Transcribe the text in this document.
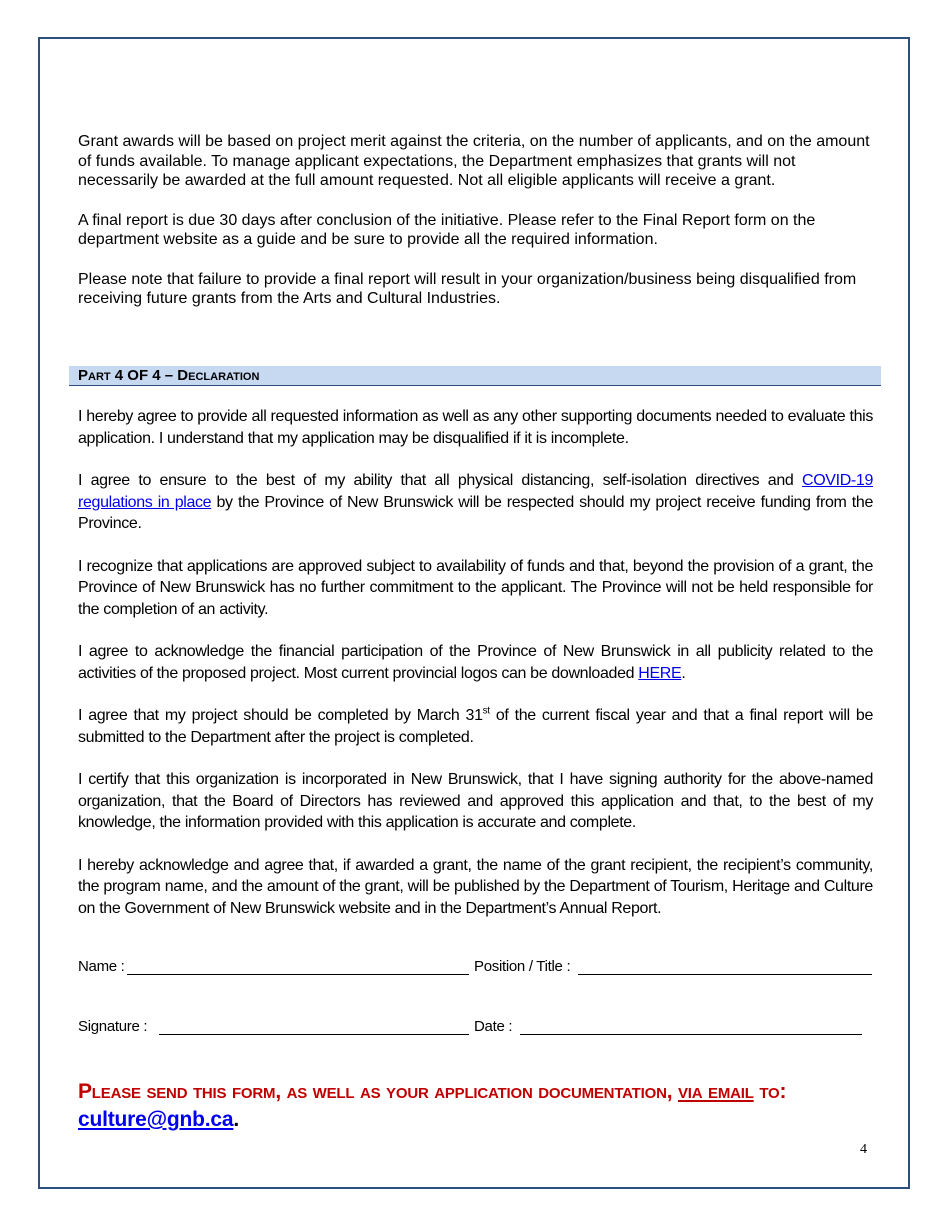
Grant awards will be based on project merit against the criteria, on the number of applicants, and on the amount of funds available. To manage applicant expectations, the Department emphasizes that grants will not necessarily be awarded at the full amount requested. Not all eligible applicants will receive a grant.

A final report is due 30 days after conclusion of the initiative. Please refer to the Final Report form on the department website as a guide and be sure to provide all the required information.

Please note that failure to provide a final report will result in your organization/business being disqualified from receiving future grants from the Arts and Cultural Industries.

Part 4 OF 4 – Declaration

I hereby agree to provide all requested information as well as any other supporting documents needed to evaluate this application. I understand that my application may be disqualified if it is incomplete.

I agree to ensure to the best of my ability that all physical distancing, self-isolation directives and COVID-19 regulations in place by the Province of New Brunswick will be respected should my project receive funding from the Province.

I recognize that applications are approved subject to availability of funds and that, beyond the provision of a grant, the Province of New Brunswick has no further commitment to the applicant. The Province will not be held responsible for the completion of an activity.

I agree to acknowledge the financial participation of the Province of New Brunswick in all publicity related to the activities of the proposed project. Most current provincial logos can be downloaded HERE.

I agree that my project should be completed by March 31st of the current fiscal year and that a final report will be submitted to the Department after the project is completed.

I certify that this organization is incorporated in New Brunswick, that I have signing authority for the above-named organization, that the Board of Directors has reviewed and approved this application and that, to the best of my knowledge, the information provided with this application is accurate and complete.

I hereby acknowledge and agree that, if awarded a grant, the name of the grant recipient, the recipient’s community, the program name, and the amount of the grant, will be published by the Department of Tourism, Heritage and Culture on the Government of New Brunswick website and in the Department’s Annual Report.

Name :	Position / Title :
Signature :	Date :
Please send this form, as well as your application documentation, via email to:
culture@gnb.ca.
4
